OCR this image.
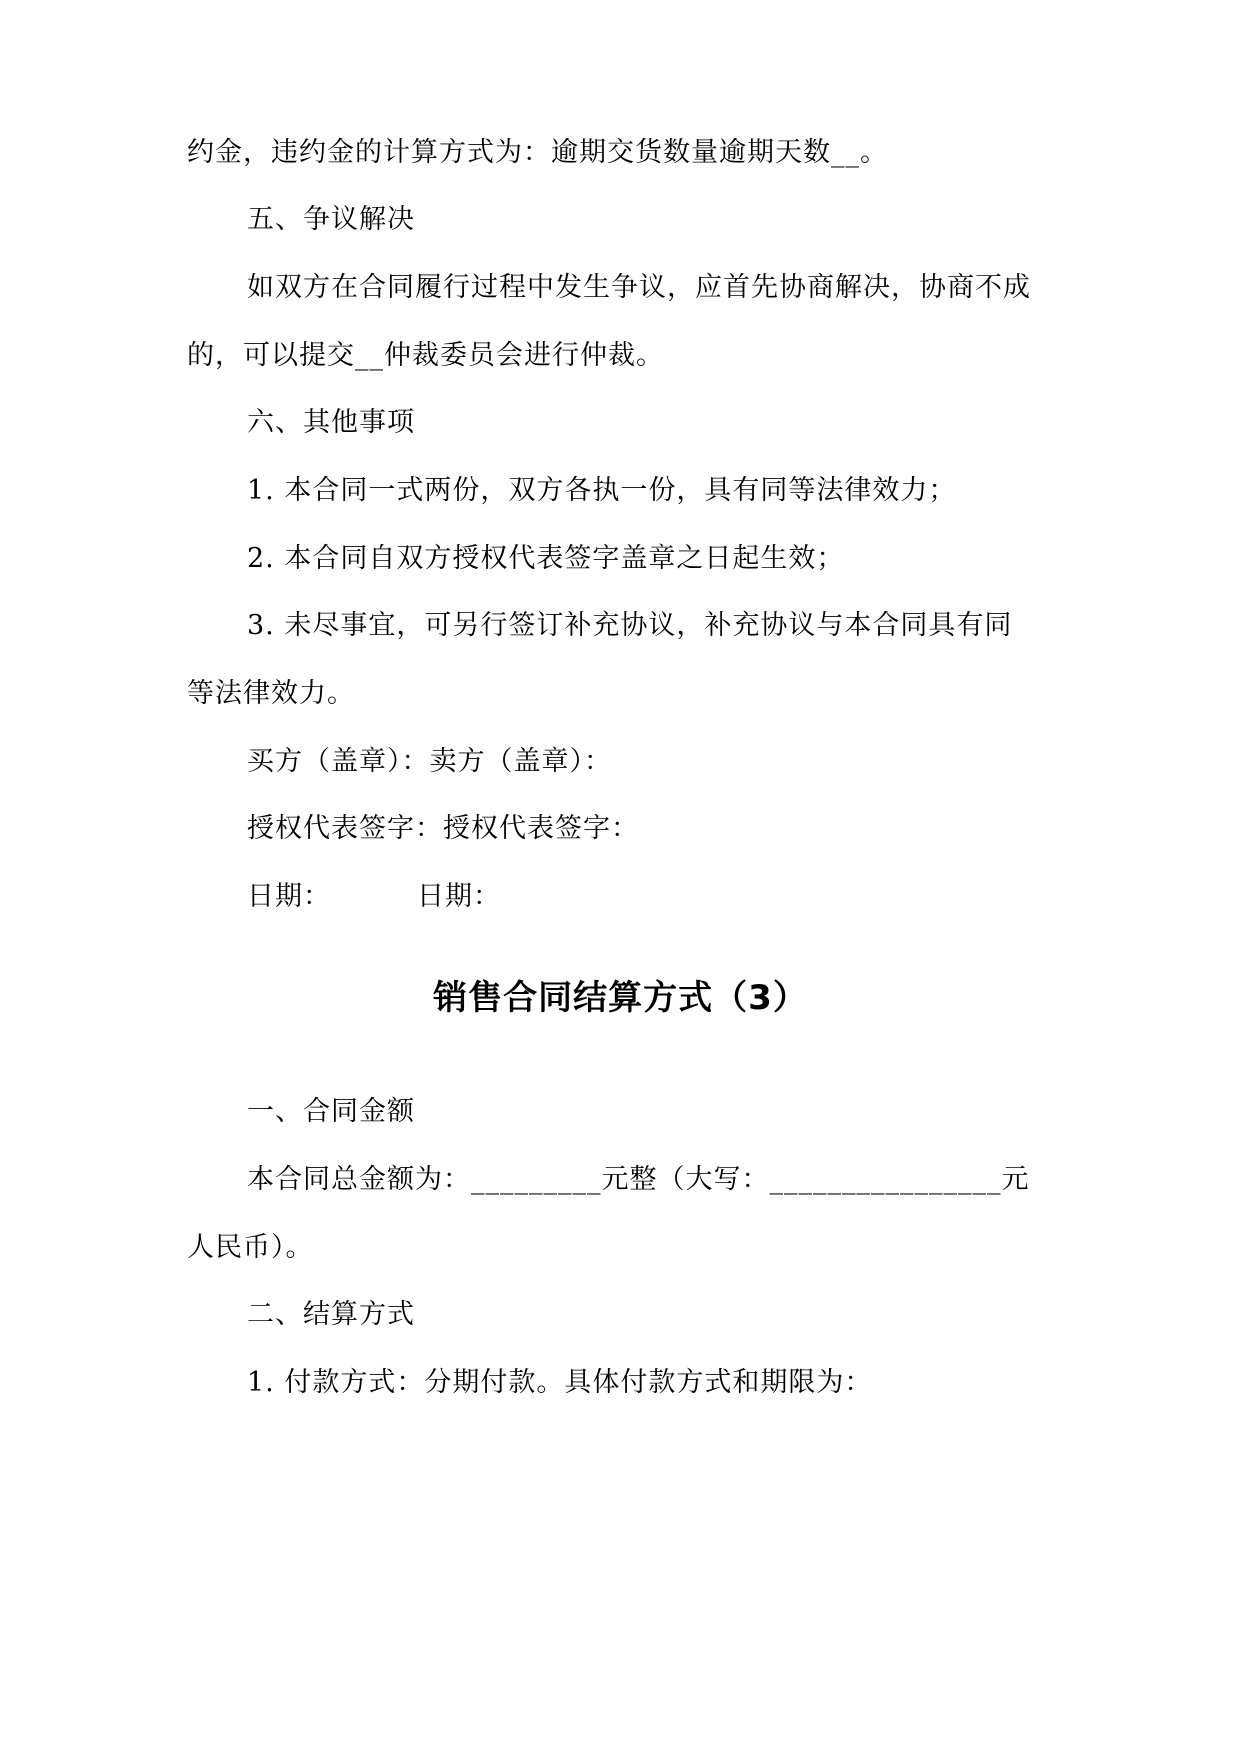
约金，违约金的计算方式为：逾期交货数量逾期天数__。
五、争议解决
如双方在合同履行过程中发生争议，应首先协商解决，协商不成
的，可以提交__仲裁委员会进行仲裁。
六、其他事项
1. 本合同一式两份，双方各执一份，具有同等法律效力；
2. 本合同自双方授权代表签字盖章之日起生效；
3. 未尽事宜，可另行签订补充协议，补充协议与本合同具有同
等法律效力。
买方（盖章）：卖方（盖章）：
授权代表签字：授权代表签字：
日期：	日期：
销售合同结算方式（3）
一、合同金额
本合同总金额为：_________元整（大写：________________元
人民币）。
二、结算方式
1. 付款方式：分期付款。具体付款方式和期限为：
